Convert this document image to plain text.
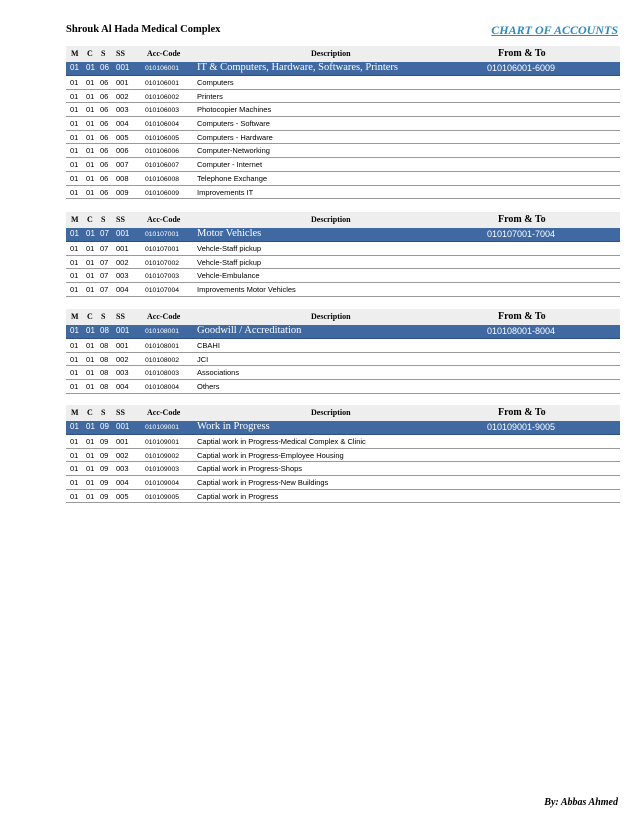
Shrouk Al Hada Medical Complex	CHART OF ACCOUNTS
M C S SS	Acc-Code	Description	From & To
01 01 06 001 010106001 IT & Computers, Hardware, Softwares, Printers	010106001-6009
01 01 06 001 010106001 Computers
01 01 06 002 010106002 Printers
01 01 06 003 010106003 Photocopier Machines
01 01 06 004 010106004 Computers - Software
01 01 06 005 010106005 Computers - Hardware
01 01 06 006 010106006 Computer-Networking
01 01 06 007 010106007 Computer - Internet
01 01 06 008 010106008 Telephone Exchange
01 01 06 009 010106009 Improvements IT
M C S SS	Acc-Code	Description	From & To
01 01 07 001 010107001 Motor Vehicles	010107001-7004
01 01 07 001 010107001 Vehcle-Staff pickup
01 01 07 002 010107002 Vehcle-Staff pickup
01 01 07 003 010107003 Vehcle-Embulance
01 01 07 004 010107004 Improvements Motor Vehicles
M C S SS	Acc-Code	Description	From & To
01 01 08 001 010108001 Goodwill / Accreditation	010108001-8004
01 01 08 001 010108001 CBAHI
01 01 08 002 010108002 JCI
01 01 08 003 010108003 Associations
01 01 08 004 010108004 Others
M C S SS	Acc-Code	Description	From & To
01 01 09 001 010109001 Work in Progress	010109001-9005
01 01 09 001 010109001 Captial work in Progress-Medical Complex & Clinic
01 01 09 002 010109002 Captial work in Progress-Employee Housing
01 01 09 003 010109003 Captial work in Progress-Shops
01 01 09 004 010109004 Captial work in Progress-New Buildings
01 01 09 005 010109005 Captial work in Progress
By: Abbas Ahmed
